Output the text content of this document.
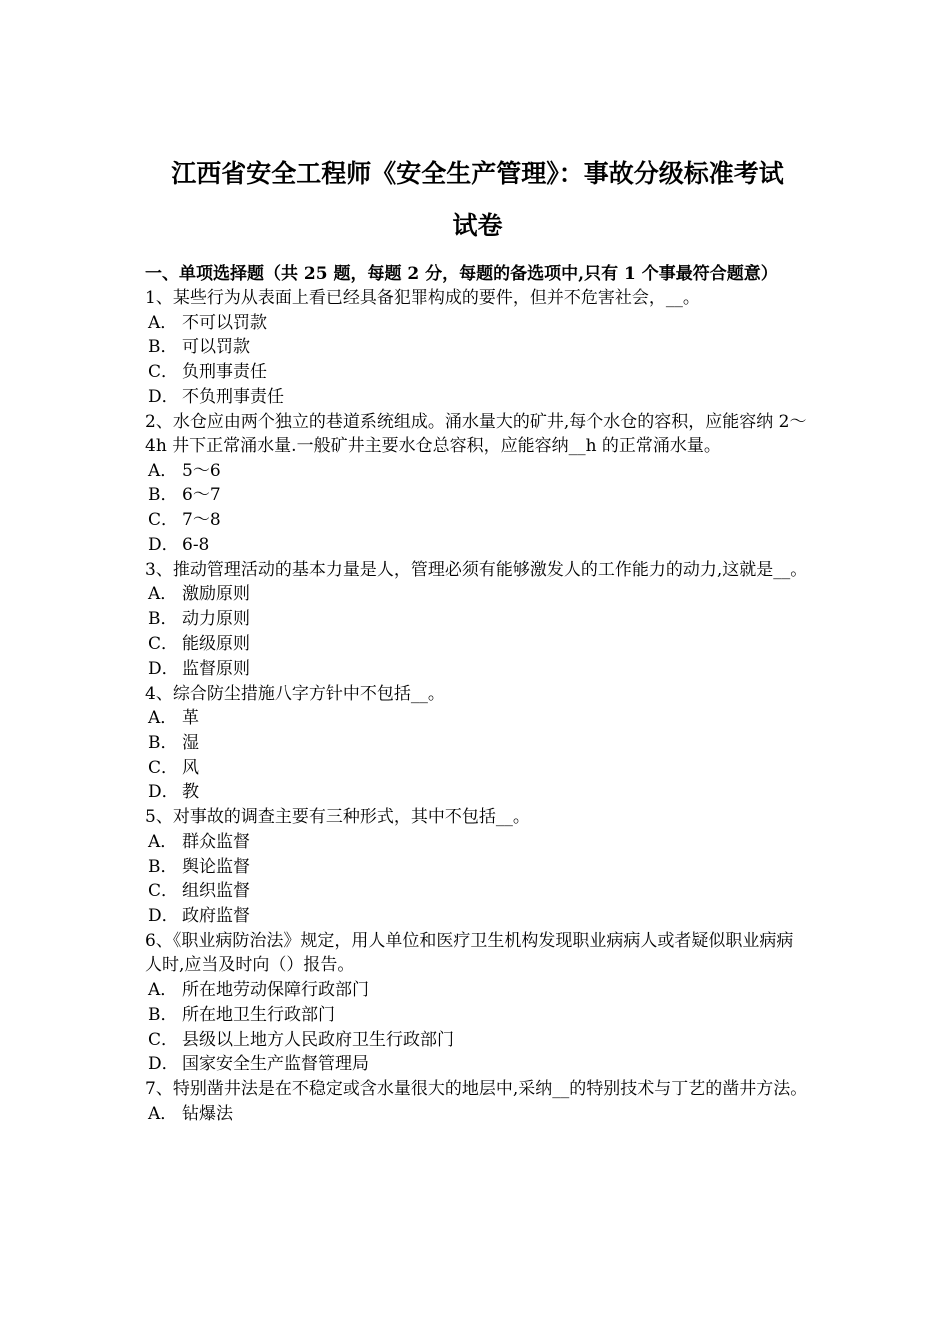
江西省安全工程师《安全生产管理》：事故分级标准考试
试卷
一、单项选择题（共 25 题，每题 2 分，每题的备选项中,只有 1 个事最符合题意）
1、某些行为从表面上看已经具备犯罪构成的要件，但并不危害社会，__。
A． 不可以罚款
B． 可以罚款
C． 负刑事责任
D． 不负刑事责任
2、水仓应由两个独立的巷道系统组成。涌水量大的矿井,每个水仓的容积，应能容纳 2～4h 井下正常涌水量.一般矿井主要水仓总容积，应能容纳__h 的正常涌水量。
A． 5～6
B． 6～7
C． 7～8
D． 6-8
3、推动管理活动的基本力量是人，管理必须有能够激发人的工作能力的动力,这就是__。
A． 激励原则
B． 动力原则
C． 能级原则
D． 监督原则
4、综合防尘措施八字方针中不包括__。
A． 革
B． 湿
C． 风
D． 教
5、对事故的调查主要有三种形式，其中不包括__。
A． 群众监督
B． 舆论监督
C． 组织监督
D． 政府监督
6、《职业病防治法》规定，用人单位和医疗卫生机构发现职业病病人或者疑似职业病病人时,应当及时向（）报告。
A． 所在地劳动保障行政部门
B． 所在地卫生行政部门
C． 县级以上地方人民政府卫生行政部门
D． 国家安全生产监督管理局
7、特别凿井法是在不稳定或含水量很大的地层中,采纳__的特别技术与丁艺的凿井方法。
A． 钻爆法
